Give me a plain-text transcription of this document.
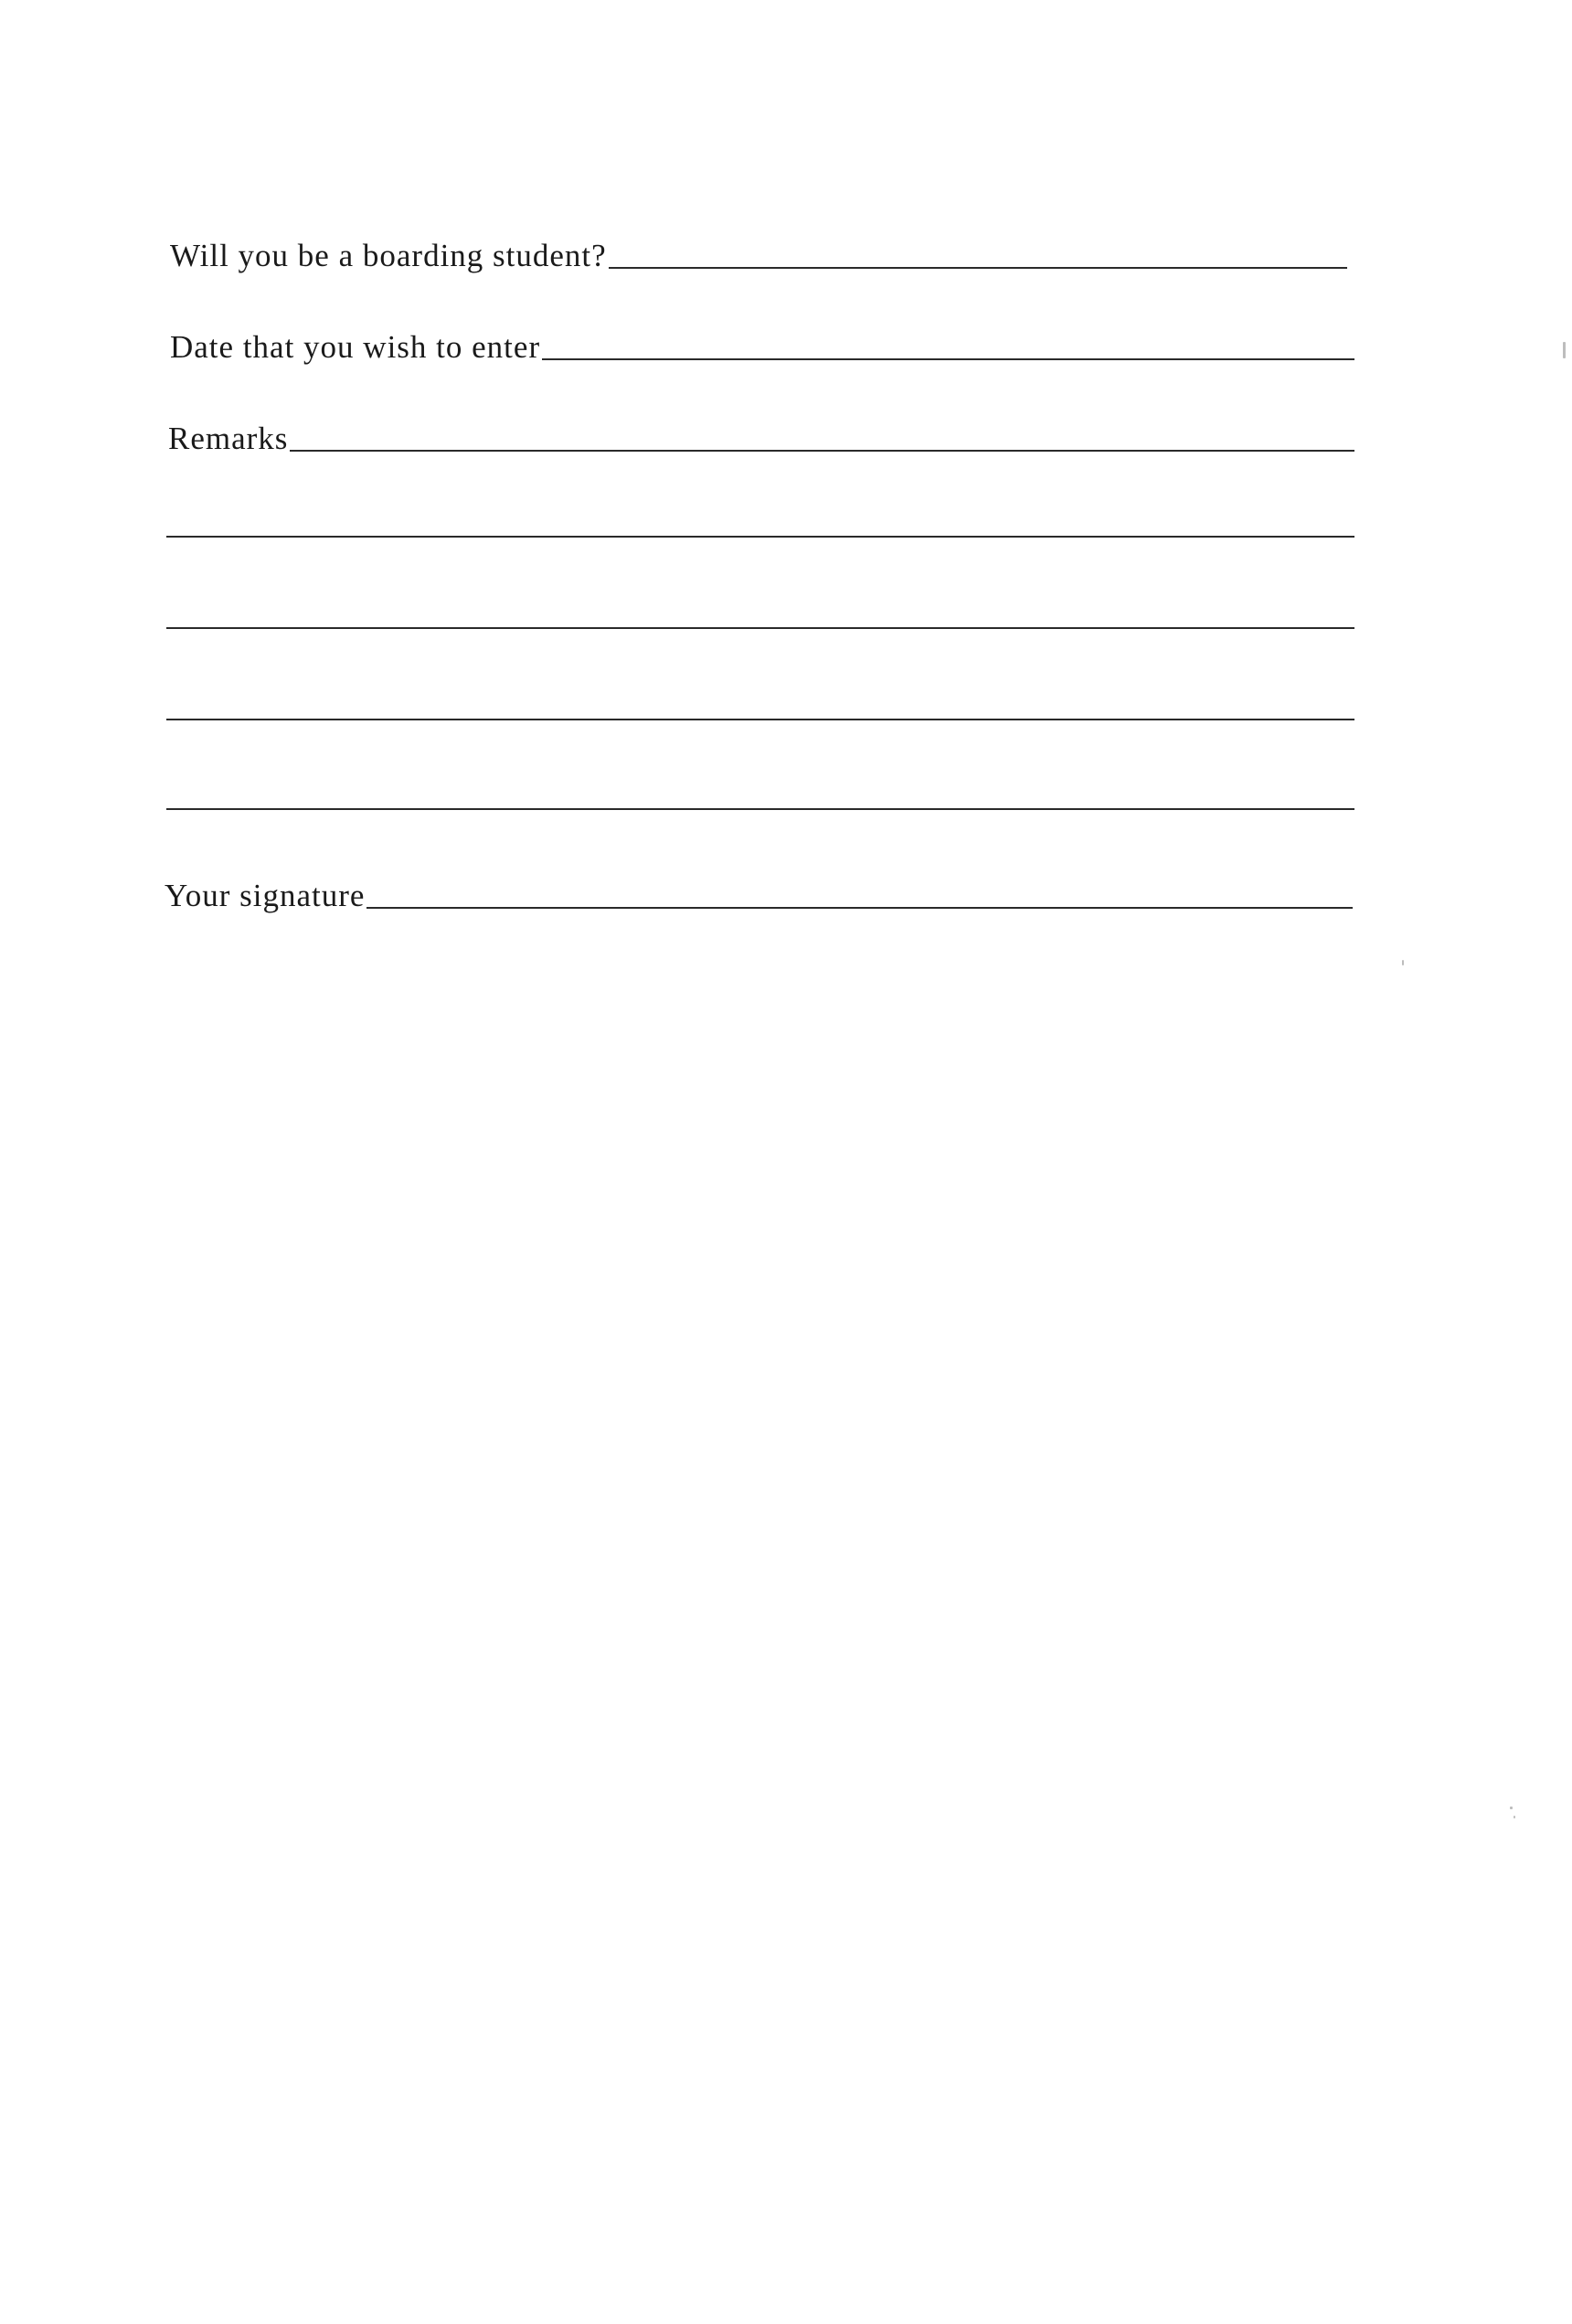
Will you be a boarding student?
Date that you wish to enter
Remarks
Your signature
